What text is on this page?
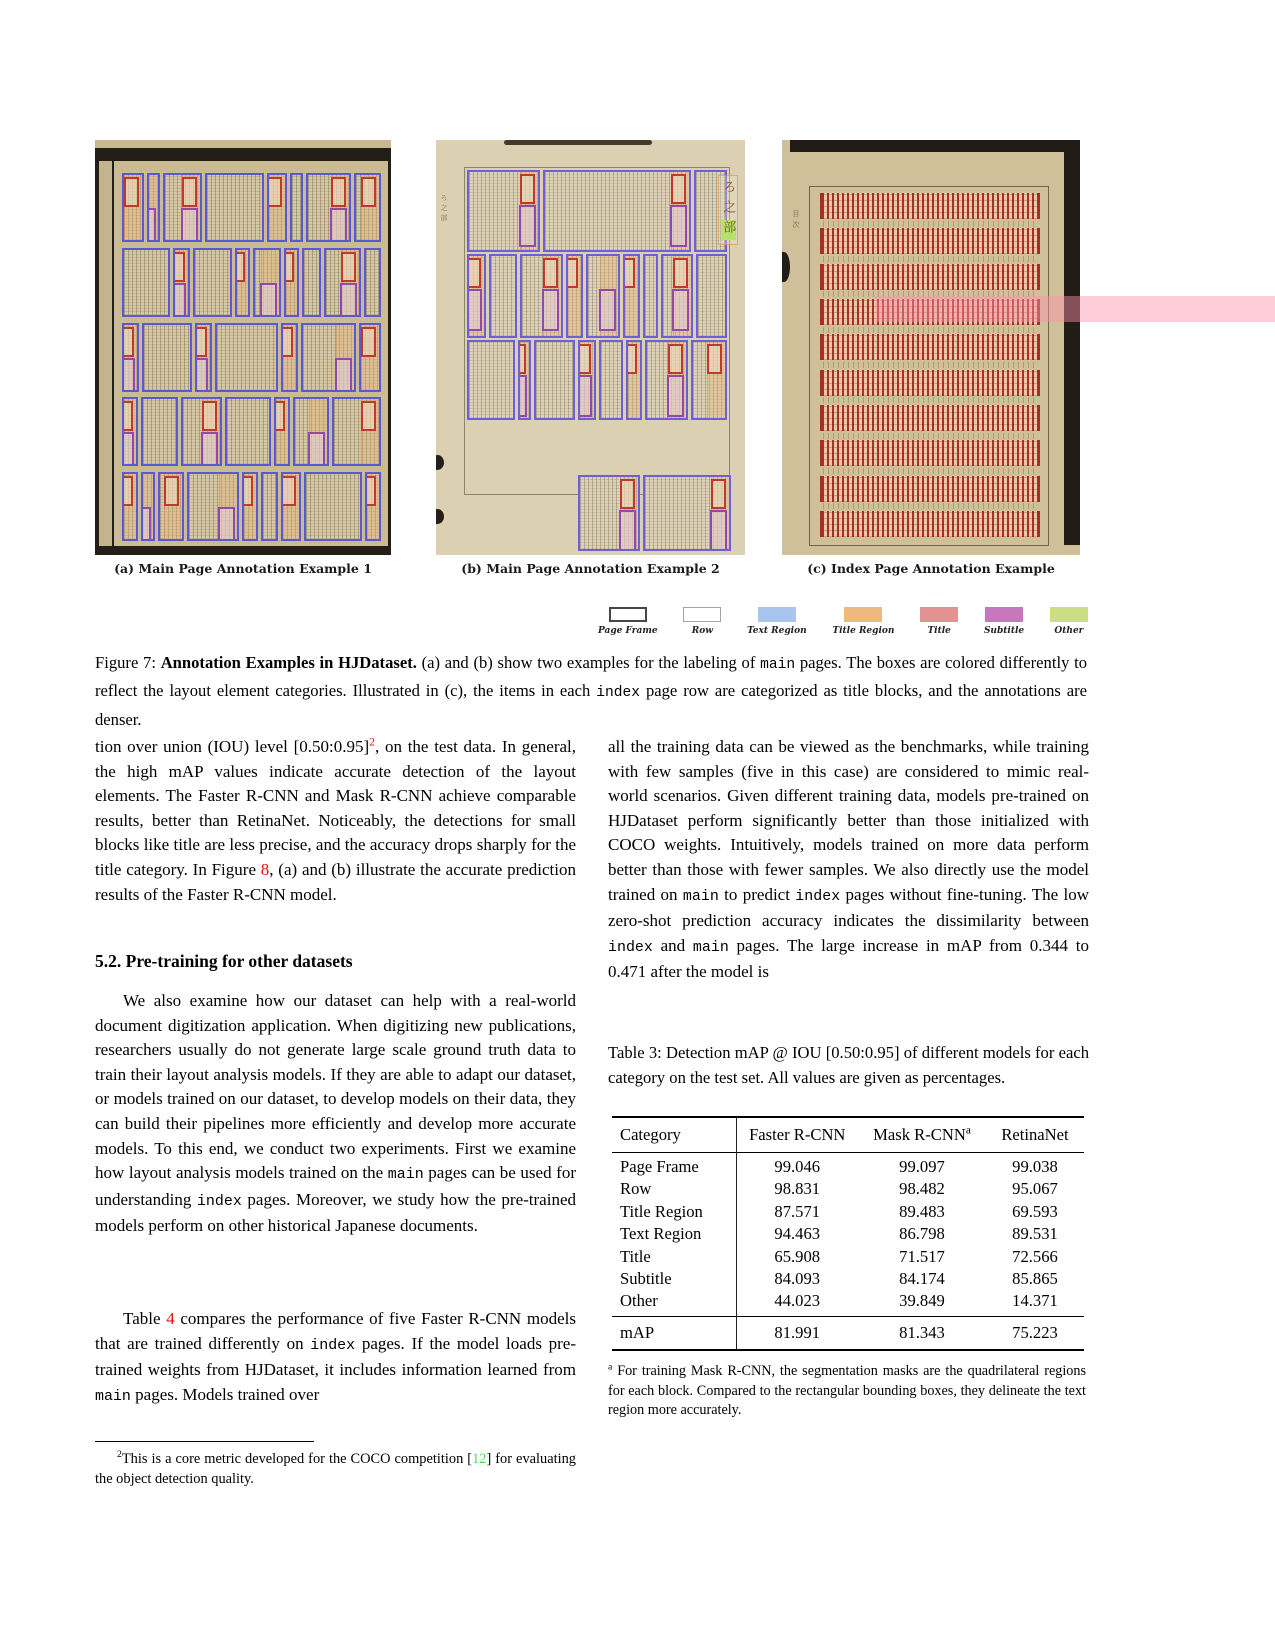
ろ之部
ろ之部	目次
(a) Main Page Annotation Example 1	(b) Main Page Annotation Example 2	(c) Index Page Annotation Example
Page Frame	Row	Text Region	Title Region	Title	Subtitle	Other
Figure 7: Annotation Examples in HJDataset. (a) and (b) show two examples for the labeling of main pages. The boxes are colored differently to reflect the layout element categories. Illustrated in (c), the items in each index page row are categorized as title blocks, and the annotations are denser.
tion over union (IOU) level [0.50:0.95]$^2$, on the test data. In general, the high mAP values indicate accurate detection of the layout elements. The Faster R-CNN and Mask R-CNN achieve comparable results, better than RetinaNet. Noticeably, the detections for small blocks like title are less precise, and the accuracy drops sharply for the title category. In Figure 8, (a) and (b) illustrate the accurate prediction results of the Faster R-CNN model.
5.2. Pre-training for other datasets
We also examine how our dataset can help with a real-world document digitization application. When digitizing new publications, researchers usually do not generate large scale ground truth data to train their layout analysis models. If they are able to adapt our dataset, or models trained on our dataset, to develop models on their data, they can build their pipelines more efficiently and develop more accurate models. To this end, we conduct two experiments. First we examine how layout analysis models trained on the main pages can be used for understanding index pages. Moreover, we study how the pre-trained models perform on other historical Japanese documents.
Table 4 compares the performance of five Faster R-CNN models that are trained differently on index pages. If the model loads pre-trained weights from HJDataset, it includes information learned from main pages. Models trained over
$^2$This is a core metric developed for the COCO competition [12] for evaluating the object detection quality.
all the training data can be viewed as the benchmarks, while training with few samples (five in this case) are considered to mimic real-world scenarios. Given different training data, models pre-trained on HJDataset perform significantly better than those initialized with COCO weights. Intuitively, models trained on more data perform better than those with fewer samples. We also directly use the model trained on main to predict index pages without fine-tuning. The low zero-shot prediction accuracy indicates the dissimilarity between index and main pages. The large increase in mAP from 0.344 to 0.471 after the model is
Table 3: Detection mAP @ IOU [0.50:0.95] of different models for each category on the test set. All values are given as percentages.
Category	Faster R-CNN	Mask R-CNN$^a$	RetinaNet
Page Frame	99.046	99.097	99.038
Row	98.831	98.482	95.067
Title Region	87.571	89.483	69.593
Text Region	94.463	86.798	89.531
Title	65.908	71.517	72.566
Subtitle	84.093	84.174	85.865
Other	44.023	39.849	14.371
mAP	81.991	81.343	75.223
$^a$ For training Mask R-CNN, the segmentation masks are the quadrilateral regions for each block. Compared to the rectangular bounding boxes, they delineate the text region more accurately.
